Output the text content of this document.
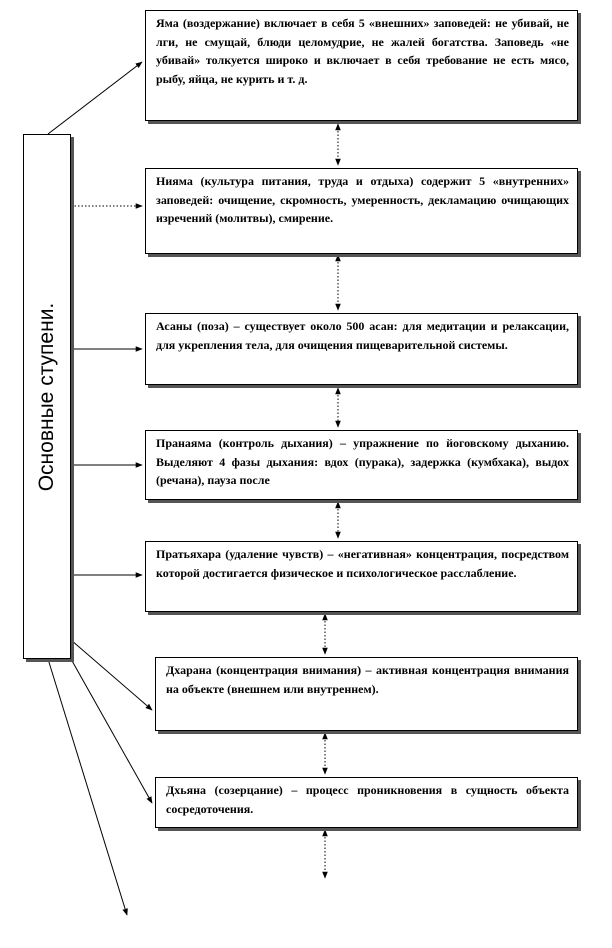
Основные ступени.
Яма (воздержание) включает в себя 5 «внешних» заповедей: не убивай, не лги, не смущай, блюди целомудрие, не жалей богатства. Заповедь «не убивай» толкуется широко и включает в себя требование не есть мясо, рыбу, яйца, не курить и т. д.
Нияма (культура питания, труда и отдыха) содержит 5 «внутренних» заповедей: очищение, скромность, умеренность, декламацию очищающих изречений (молитвы), смирение.
Асаны (поза) – существует около 500 асан: для медитации и релаксации, для укрепления тела, для очищения пищеварительной системы.
Пранаяма (контроль дыхания) – упражнение по йоговскому дыханию. Выделяют 4 фазы дыхания: вдох (пурака), задержка (кумбхака), выдох (речана), пауза после
Пратьяхара (удаление чувств) – «негативная» концентрация, посредством которой достигается физическое и психологическое расслабление.
Дхарана (концентрация внимания) – активная концентрация внимания на объекте (внешнем или внутреннем).
Дхьяна (созерцание) – процесс проникновения в сущность объекта сосредоточения.
